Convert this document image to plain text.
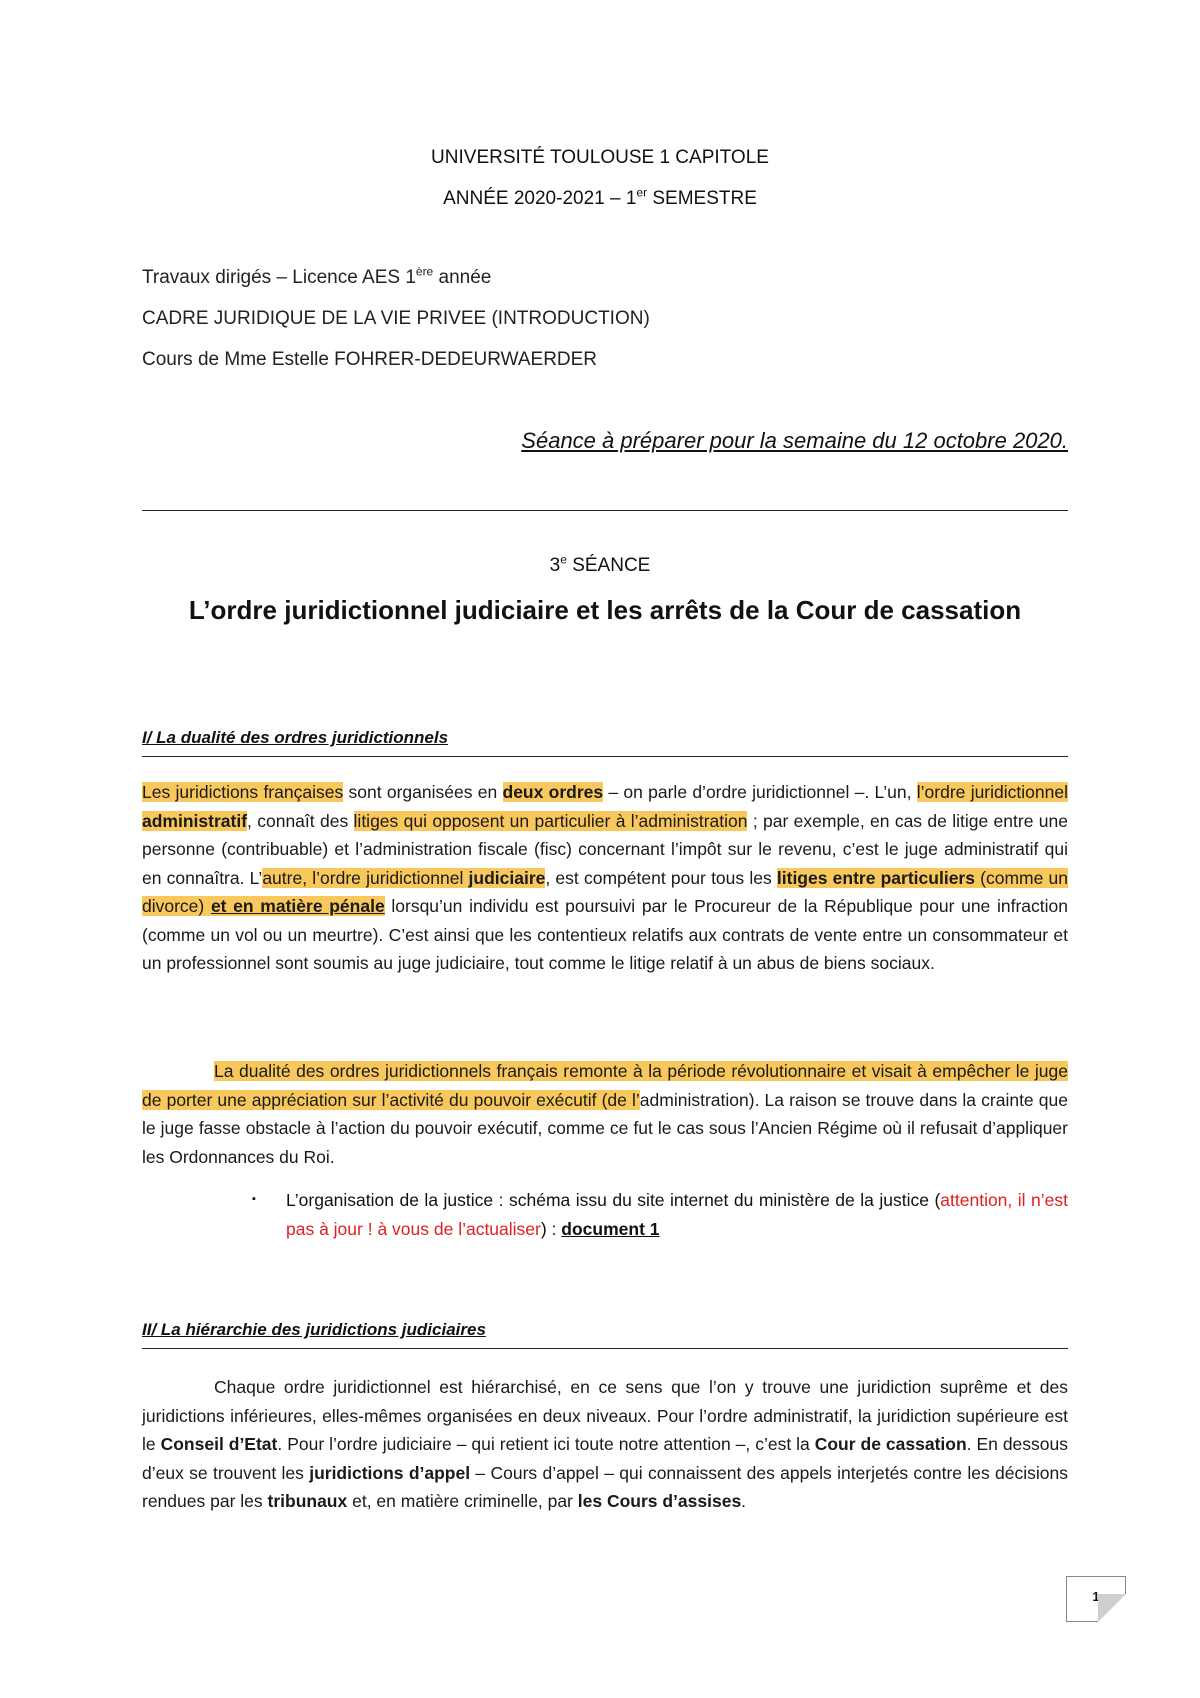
UNIVERSITÉ TOULOUSE 1 CAPITOLE
ANNÉE 2020-2021 – 1er SEMESTRE
Travaux dirigés – Licence AES 1ère année
CADRE JURIDIQUE DE LA VIE PRIVEE (INTRODUCTION)
Cours de Mme Estelle FOHRER-DEDEURWAERDER
Séance à préparer pour la semaine du 12 octobre 2020.
3e SÉANCE
L’ordre juridictionnel judiciaire et les arrêts de la Cour de cassation
I/ La dualité des ordres juridictionnels
Les juridictions françaises sont organisées en deux ordres – on parle d’ordre juridictionnel –. L’un, l’ordre juridictionnel administratif, connaît des litiges qui opposent un particulier à l’administration ; par exemple, en cas de litige entre une personne (contribuable) et l’administration fiscale (fisc) concernant l’impôt sur le revenu, c’est le juge administratif qui en connaîtra. L’autre, l’ordre juridictionnel judiciaire, est compétent pour tous les litiges entre particuliers (comme un divorce) et en matière pénale lorsqu’un individu est poursuivi par le Procureur de la République pour une infraction (comme un vol ou un meurtre). C’est ainsi que les contentieux relatifs aux contrats de vente entre un consommateur et un professionnel sont soumis au juge judiciaire, tout comme le litige relatif à un abus de biens sociaux.
La dualité des ordres juridictionnels français remonte à la période révolutionnaire et visait à empêcher le juge de porter une appréciation sur l’activité du pouvoir exécutif (de l’administration). La raison se trouve dans la crainte que le juge fasse obstacle à l’action du pouvoir exécutif, comme ce fut le cas sous l’Ancien Régime où il refusait d’appliquer les Ordonnances du Roi.
▪ L’organisation de la justice : schéma issu du site internet du ministère de la justice (attention, il n’est pas à jour ! à vous de l’actualiser) : document 1
II/ La hiérarchie des juridictions judiciaires
Chaque ordre juridictionnel est hiérarchisé, en ce sens que l’on y trouve une juridiction suprême et des juridictions inférieures, elles-mêmes organisées en deux niveaux. Pour l’ordre administratif, la juridiction supérieure est le Conseil d’Etat. Pour l’ordre judiciaire – qui retient ici toute notre attention –, c’est la Cour de cassation. En dessous d’eux se trouvent les juridictions d’appel – Cours d’appel – qui connaissent des appels interjetés contre les décisions rendues par les tribunaux et, en matière criminelle, par les Cours d’assises.
1
